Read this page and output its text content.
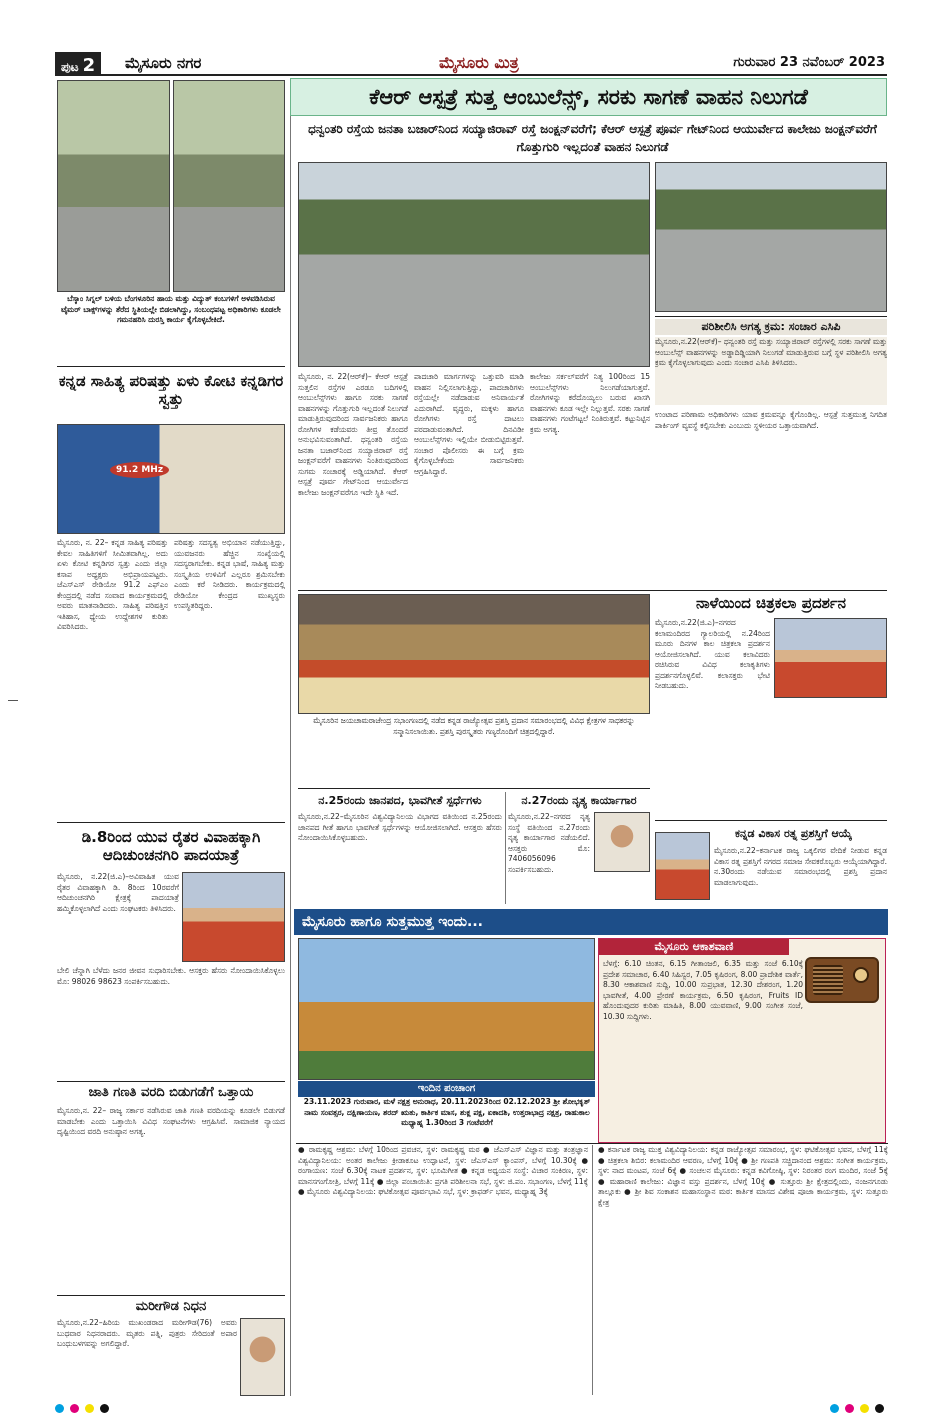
ಪುಟ 2	ಮೈಸೂರು ನಗರ	ಮೈಸೂರು ಮಿತ್ರ	ಗುರುವಾರ 23 ನವೆಂಬರ್ 2023
ಬೆಸ್ಕಾಂ ಸಿಗ್ನಲ್ ಬಳಿಯ ಬೆಂಗಳೂರಿನ ಹಾಯ ಮತ್ತು ವಿದ್ಯುತ್ ಕಂಬಗಳಿಗೆ ಅಳವಡಿಸಿರುವ ಟೈಮರ್ ಬಾಕ್ಸ್‌ಗಳನ್ನು ತೆರೆದ ಸ್ಥಿತಿಯಲ್ಲೇ ಬಿಡಲಾಗಿದ್ದು, ಸಂಬಂಧಪಟ್ಟ ಅಧಿಕಾರಿಗಳು ಕೂಡಲೇ ಗಮನಹರಿಸಿ ದುರಸ್ತಿ ಕಾರ್ಯ ಕೈಗೊಳ್ಳಬೇಕಿದೆ.
ಕನ್ನಡ ಸಾಹಿತ್ಯ ಪರಿಷತ್ತು ಏಳು ಕೋಟಿ ಕನ್ನಡಿಗರ ಸ್ವತ್ತು
91.2 MHz
ಮೈಸೂರು, ನ. 22– ಕನ್ನಡ ಸಾಹಿತ್ಯ ಪರಿಷತ್ತು ಕೇವಲ ಸಾಹಿತಿಗಳಿಗೆ ಸೀಮಿತವಾಗಿಲ್ಲ. ಅದು ಏಳು ಕೋಟಿ ಕನ್ನಡಿಗರ ಸ್ವತ್ತು ಎಂದು ಜಿಲ್ಲಾ ಕಸಾಪ ಅಧ್ಯಕ್ಷರು ಅಭಿಪ್ರಾಯಪಟ್ಟರು. ಜೆಎಸ್‌ಎಸ್ ರೇಡಿಯೋ 91.2 ಎಫ್‌ಎಂ ಕೇಂದ್ರದಲ್ಲಿ ನಡೆದ ಸಂವಾದ ಕಾರ್ಯಕ್ರಮದಲ್ಲಿ ಅವರು ಮಾತನಾಡಿದರು. ಸಾಹಿತ್ಯ ಪರಿಷತ್ತಿನ ಇತಿಹಾಸ, ಧ್ಯೇಯ ಉದ್ದೇಶಗಳ ಕುರಿತು ವಿವರಿಸಿದರು.
ಪರಿಷತ್ತು ಸದಸ್ಯತ್ವ ಅಭಿಯಾನ ನಡೆಯುತ್ತಿದ್ದು, ಯುವಜನರು ಹೆಚ್ಚಿನ ಸಂಖ್ಯೆಯಲ್ಲಿ ಸದಸ್ಯರಾಗಬೇಕು. ಕನ್ನಡ ಭಾಷೆ, ಸಾಹಿತ್ಯ ಮತ್ತು ಸಂಸ್ಕೃತಿಯ ಉಳಿವಿಗೆ ಎಲ್ಲರೂ ಶ್ರಮಿಸಬೇಕು ಎಂದು ಕರೆ ನೀಡಿದರು. ಕಾರ್ಯಕ್ರಮದಲ್ಲಿ ರೇಡಿಯೋ ಕೇಂದ್ರದ ಮುಖ್ಯಸ್ಥರು ಉಪಸ್ಥಿತರಿದ್ದರು.
ಡಿ.8ರಿಂದ ಯುವ ರೈತರ ವಿವಾಹಕ್ಕಾಗಿ ಆದಿಚುಂಚನಗಿರಿ ಪಾದಯಾತ್ರೆ
ಮೈಸೂರು, ನ.22(ಜಿ.ಎ)–ಅವಿವಾಹಿತ ಯುವ ರೈತರ ವಿವಾಹಕ್ಕಾಗಿ ಡಿ. 8ರಿಂದ 10ರವರೆಗೆ ಆದಿಚುಂಚನಗಿರಿ ಕ್ಷೇತ್ರಕ್ಕೆ ಪಾದಯಾತ್ರೆ ಹಮ್ಮಿಕೊಳ್ಳಲಾಗಿದೆ ಎಂದು ಸಂಘಟಕರು ತಿಳಿಸಿದರು.
ಬೇಲಿ ಚೆನ್ನಾಗಿ ಬೆಳೆದು ಜನರ ಜೀವನ ಸುಧಾರಿಸಬೇಕು. ಆಸಕ್ತರು ಹೆಸರು ನೋಂದಾಯಿಸಿಕೊಳ್ಳಲು ಮೊ: 98026 98623 ಸಂಪರ್ಕಿಸಬಹುದು.
ಜಾತಿ ಗಣತಿ ವರದಿ ಬಿಡುಗಡೆಗೆ ಒತ್ತಾಯ
ಮೈಸೂರು,ನ. 22– ರಾಜ್ಯ ಸರ್ಕಾರ ನಡೆಸಿರುವ ಜಾತಿ ಗಣತಿ ವರದಿಯನ್ನು ಕೂಡಲೇ ಬಿಡುಗಡೆ ಮಾಡಬೇಕು ಎಂದು ಒತ್ತಾಯಿಸಿ ವಿವಿಧ ಸಂಘಟನೆಗಳು ಆಗ್ರಹಿಸಿವೆ. ಸಾಮಾಜಿಕ ನ್ಯಾಯದ ದೃಷ್ಟಿಯಿಂದ ವರದಿ ಅನುಷ್ಠಾನ ಅಗತ್ಯ.
ಮರೀಗೌಡ ನಿಧನ
ಮೈಸೂರು,ನ.22–ಹಿರಿಯ ಮುಖಂಡರಾದ ಮರೀಗೌಡ(76) ಅವರು ಬುಧವಾರ ನಿಧನರಾದರು. ಮೃತರು ಪತ್ನಿ, ಪುತ್ರರು ಸೇರಿದಂತೆ ಅಪಾರ ಬಂಧುಬಳಗವನ್ನು ಅಗಲಿದ್ದಾರೆ.
ಕೆಆರ್ ಆಸ್ಪತ್ರೆ ಸುತ್ತ ಆಂಬುಲೆನ್ಸ್, ಸರಕು ಸಾಗಣೆ ವಾಹನ ನಿಲುಗಡೆ
ಧನ್ವಂತರಿ ರಸ್ತೆಯ ಜನತಾ ಬಜಾರ್‌ನಿಂದ ಸಯ್ಯಾಜಿರಾವ್ ರಸ್ತೆ ಜಂಕ್ಷನ್‌ವರೆಗೆ; ಕೆಆರ್ ಆಸ್ಪತ್ರೆ ಪೂರ್ವ ಗೇಟ್‌ನಿಂದ ಆಯುರ್ವೇದ ಕಾಲೇಜು ಜಂಕ್ಷನ್‌ವರೆಗೆ ಗೊತ್ತುಗುರಿ ಇಲ್ಲದಂತೆ ವಾಹನ ನಿಲುಗಡೆ
ಪರಿಶೀಲಿಸಿ ಅಗತ್ಯ ಕ್ರಮ: ಸಂಚಾರ ಎಸಿಪಿ
ಮೈಸೂರು,ನ.22(ಆರ್‌ಕೆ)– ಧನ್ವಂತರಿ ರಸ್ತೆ ಮತ್ತು ಸಯ್ಯಾಜಿರಾವ್ ರಸ್ತೆಗಳಲ್ಲಿ ಸರಕು ಸಾಗಣೆ ಮತ್ತು ಆಂಬುಲೆನ್ಸ್ ವಾಹನಗಳನ್ನು ಅಡ್ಡಾದಿಡ್ಡಿಯಾಗಿ ನಿಲುಗಡೆ ಮಾಡುತ್ತಿರುವ ಬಗ್ಗೆ ಸ್ಥಳ ಪರಿಶೀಲಿಸಿ ಅಗತ್ಯ ಕ್ರಮ ಕೈಗೊಳ್ಳಲಾಗುವುದು ಎಂದು ಸಂಚಾರ ಎಸಿಪಿ ತಿಳಿಸಿದರು.
ಮೈಸೂರು, ನ. 22(ಆರ್‌ಕೆ)– ಕೆಆರ್ ಆಸ್ಪತ್ರೆ ಸುತ್ತಲಿನ ರಸ್ತೆಗಳ ಎರಡೂ ಬದಿಗಳಲ್ಲಿ ಆಂಬುಲೆನ್ಸ್‌ಗಳು ಹಾಗೂ ಸರಕು ಸಾಗಣೆ ವಾಹನಗಳನ್ನು ಗೊತ್ತುಗುರಿ ಇಲ್ಲದಂತೆ ನಿಲುಗಡೆ ಮಾಡುತ್ತಿರುವುದರಿಂದ ಸಾರ್ವಜನಿಕರು ಹಾಗೂ ರೋಗಿಗಳ ಕಡೆಯವರು ತೀವ್ರ ತೊಂದರೆ ಅನುಭವಿಸುವಂತಾಗಿದೆ. ಧನ್ವಂತರಿ ರಸ್ತೆಯ ಜನತಾ ಬಜಾರ್‌ನಿಂದ ಸಯ್ಯಾಜಿರಾವ್ ರಸ್ತೆ ಜಂಕ್ಷನ್‌ವರೆಗೆ ವಾಹನಗಳು ನಿಂತಿರುವುದರಿಂದ ಸುಗಮ ಸಂಚಾರಕ್ಕೆ ಅಡ್ಡಿಯಾಗಿದೆ. ಕೆಆರ್ ಆಸ್ಪತ್ರೆ ಪೂರ್ವ ಗೇಟ್‌ನಿಂದ ಆಯುರ್ವೇದ ಕಾಲೇಜು ಜಂಕ್ಷನ್‌ವರೆಗೂ ಇದೇ ಸ್ಥಿತಿ ಇದೆ.
ಪಾದಚಾರಿ ಮಾರ್ಗಗಳನ್ನು ಒತ್ತುವರಿ ಮಾಡಿ ವಾಹನ ನಿಲ್ಲಿಸಲಾಗುತ್ತಿದ್ದು, ಪಾದಚಾರಿಗಳು ರಸ್ತೆಯಲ್ಲೇ ನಡೆದಾಡುವ ಅನಿವಾರ್ಯತೆ ಎದುರಾಗಿದೆ. ವೃದ್ಧರು, ಮಕ್ಕಳು ಹಾಗೂ ರೋಗಿಗಳು ರಸ್ತೆ ದಾಟಲು ಪರದಾಡುವಂತಾಗಿದೆ. ದಿನವಿಡೀ ಆಂಬುಲೆನ್ಸ್‌ಗಳು ಇಲ್ಲಿಯೇ ಬೀಡುಬಿಟ್ಟಿರುತ್ತವೆ. ಸಂಚಾರ ಪೊಲೀಸರು ಈ ಬಗ್ಗೆ ಕ್ರಮ ಕೈಗೊಳ್ಳಬೇಕೆಂದು ಸಾರ್ವಜನಿಕರು ಆಗ್ರಹಿಸಿದ್ದಾರೆ.
ಕಾಲೇಜು ಸರ್ಕಲ್‌ವರೆಗೆ ನಿತ್ಯ 100ರಿಂದ 15 ಆಂಬುಲೆನ್ಸ್‌ಗಳು ನಿಲುಗಡೆಯಾಗುತ್ತವೆ. ರೋಗಿಗಳನ್ನು ಕರೆದೊಯ್ಯಲು ಬರುವ ಖಾಸಗಿ ವಾಹನಗಳು ಕೂಡ ಇಲ್ಲೇ ನಿಲ್ಲುತ್ತವೆ. ಸರಕು ಸಾಗಣೆ ವಾಹನಗಳು ಗಂಟೆಗಟ್ಟಲೆ ನಿಂತಿರುತ್ತವೆ. ಕಟ್ಟುನಿಟ್ಟಿನ ಕ್ರಮ ಅಗತ್ಯ.
ಉಂಟಾದ ಪರಿಣಾಮ ಅಧಿಕಾರಿಗಳು ಯಾವ ಕ್ರಮವನ್ನೂ ಕೈಗೊಂಡಿಲ್ಲ. ಆಸ್ಪತ್ರೆ ಸುತ್ತಮುತ್ತ ನಿಗದಿತ ಪಾರ್ಕಿಂಗ್ ವ್ಯವಸ್ಥೆ ಕಲ್ಪಿಸಬೇಕು ಎಂಬುದು ಸ್ಥಳೀಯರ ಒತ್ತಾಯವಾಗಿದೆ.
ಮೈಸೂರಿನ ಜಯಚಾಮರಾಜೇಂದ್ರ ಸಭಾಂಗಣದಲ್ಲಿ ನಡೆದ ಕನ್ನಡ ರಾಜ್ಯೋತ್ಸವ ಪ್ರಶಸ್ತಿ ಪ್ರದಾನ ಸಮಾರಂಭದಲ್ಲಿ ವಿವಿಧ ಕ್ಷೇತ್ರಗಳ ಸಾಧಕರನ್ನು ಸನ್ಮಾನಿಸಲಾಯಿತು. ಪ್ರಶಸ್ತಿ ಪುರಸ್ಕೃತರು ಗಣ್ಯರೊಂದಿಗೆ ಚಿತ್ರದಲ್ಲಿದ್ದಾರೆ.
ನಾಳೆಯಿಂದ ಚಿತ್ರಕಲಾ ಪ್ರದರ್ಶನ
ಮೈಸೂರು,ನ.22(ಜಿ.ಎ)–ನಗರದ ಕಲಾಮಂದಿರದ ಗ್ಯಾಲರಿಯಲ್ಲಿ ನ.24ರಿಂದ ಮೂರು ದಿನಗಳ ಕಾಲ ಚಿತ್ರಕಲಾ ಪ್ರದರ್ಶನ ಆಯೋಜಿಸಲಾಗಿದೆ. ಯುವ ಕಲಾವಿದರು ರಚಿಸಿರುವ ವಿವಿಧ ಕಲಾಕೃತಿಗಳು ಪ್ರದರ್ಶನಗೊಳ್ಳಲಿವೆ. ಕಲಾಸಕ್ತರು ಭೇಟಿ ನೀಡಬಹುದು.
ನ.25ರಂದು ಜಾನಪದ, ಭಾವಗೀತೆ ಸ್ಪರ್ಧೆಗಳು
ಮೈಸೂರು,ನ.22–ಮೈಸೂರಿನ ವಿಶ್ವವಿದ್ಯಾನಿಲಯ ವಿಭಾಗದ ವತಿಯಿಂದ ನ.25ರಂದು ಜಾನಪದ ಗೀತೆ ಹಾಗೂ ಭಾವಗೀತೆ ಸ್ಪರ್ಧೆಗಳನ್ನು ಆಯೋಜಿಸಲಾಗಿದೆ. ಆಸಕ್ತರು ಹೆಸರು ನೋಂದಾಯಿಸಿಕೊಳ್ಳಬಹುದು.
ನ.27ರಂದು ನೃತ್ಯ ಕಾರ್ಯಾಗಾರ
ಮೈಸೂರು,ನ.22–ನಗರದ ನೃತ್ಯ ಸಂಸ್ಥೆ ವತಿಯಿಂದ ನ.27ರಂದು ನೃತ್ಯ ಕಾರ್ಯಾಗಾರ ನಡೆಯಲಿದೆ. ಆಸಕ್ತರು ಮೊ: 7406056096 ಸಂಪರ್ಕಿಸಬಹುದು.
ಕನ್ನಡ ವಿಕಾಸ ರತ್ನ ಪ್ರಶಸ್ತಿಗೆ ಆಯ್ಕೆ
ಮೈಸೂರು,ನ.22–ಕರ್ನಾಟಕ ರಾಜ್ಯ ಒಕ್ಕಲಿಗರ ವೇದಿಕೆ ನೀಡುವ ಕನ್ನಡ ವಿಕಾಸ ರತ್ನ ಪ್ರಶಸ್ತಿಗೆ ನಗರದ ಸಮಾಜ ಸೇವಕರೊಬ್ಬರು ಆಯ್ಕೆಯಾಗಿದ್ದಾರೆ. ನ.30ರಂದು ನಡೆಯುವ ಸಮಾರಂಭದಲ್ಲಿ ಪ್ರಶಸ್ತಿ ಪ್ರದಾನ ಮಾಡಲಾಗುವುದು.
ಮೈಸೂರು ಹಾಗೂ ಸುತ್ತಮುತ್ತ ಇಂದು...
ಇಂದಿನ ಪಂಚಾಂಗ
23.11.2023 ಗುರುವಾರ, ಮಳೆ ನಕ್ಷತ್ರ ಅನುರಾಧ, 20.11.2023ರಿಂದ 02.12.2023 ಶ್ರೀ ಶೋಭಕೃತ್ ನಾಮ ಸಂವತ್ಸರ, ದಕ್ಷಿಣಾಯಣ, ಶರದ್ ಋತು, ಕಾರ್ತಿಕ ಮಾಸ, ಶುಕ್ಲ ಪಕ್ಷ, ಏಕಾದಶಿ, ಉತ್ತರಾಭಾದ್ರ ನಕ್ಷತ್ರ, ರಾಹುಕಾಲ ಮಧ್ಯಾಹ್ನ 1.30ರಿಂದ 3 ಗಂಟೆವರೆಗೆ
ಮೈಸೂರು ಆಕಾಶವಾಣಿ
ಬೆಳಗ್ಗೆ: 6.10 ಚಿಂತನ, 6.15 ಗೀತಾಂಜಲಿ, 6.35 ಮತ್ತು ಸಂಜೆ 6.10ಕ್ಕೆ ಪ್ರದೇಶ ಸಮಾಚಾರ, 6.40 ಸಿಹಿಸ್ವರ, 7.05 ಕೃಷಿರಂಗ, 8.00 ಪ್ರಾದೇಶಿಕ ವಾರ್ತೆ, 8.30 ಆಕಾಶವಾಣಿ ಸುದ್ದಿ, 10.00 ಸುಪ್ರಭಾತ, 12.30 ದೇಶರಂಗ, 1.20 ಭಾವಗೀತೆ, 4.00 ಪ್ರೇರಣೆ ಕಾರ್ಯಕ್ರಮ, 6.50 ಕೃಷಿರಂಗ, Fruits ID ಹೊಂದುವುದರ ಕುರಿತು ಮಾಹಿತಿ, 8.00 ಯುವವಾಣಿ, 9.00 ಸಂಗೀತ ಸಂಜೆ, 10.30 ಸುದ್ದಿಗಳು.
● ರಾಮಕೃಷ್ಣ ಆಶ್ರಮ: ಬೆಳಗ್ಗೆ 10ರಿಂದ ಪ್ರವಚನ, ಸ್ಥಳ: ರಾಮಕೃಷ್ಣ ಮಠ ● ಜೆಎಸ್‌ಎಸ್ ವಿಜ್ಞಾನ ಮತ್ತು ತಂತ್ರಜ್ಞಾನ ವಿಶ್ವವಿದ್ಯಾನಿಲಯ: ಅಂತರ ಕಾಲೇಜು ಕ್ರೀಡಾಕೂಟ ಉದ್ಘಾಟನೆ, ಸ್ಥಳ: ಜೆಎಸ್‌ಎಸ್ ಕ್ಯಾಂಪಸ್, ಬೆಳಗ್ಗೆ 10.30ಕ್ಕೆ ● ರಂಗಾಯಣ: ಸಂಜೆ 6.30ಕ್ಕೆ ನಾಟಕ ಪ್ರದರ್ಶನ, ಸ್ಥಳ: ಭೂಮಿಗೀತ ● ಕನ್ನಡ ಅಧ್ಯಯನ ಸಂಸ್ಥೆ: ವಿಚಾರ ಸಂಕಿರಣ, ಸ್ಥಳ: ಮಾನಸಗಂಗೋತ್ರಿ, ಬೆಳಗ್ಗೆ 11ಕ್ಕೆ ● ಜಿಲ್ಲಾ ಪಂಚಾಯಿತಿ: ಪ್ರಗತಿ ಪರಿಶೀಲನಾ ಸಭೆ, ಸ್ಥಳ: ಜಿ.ಪಂ. ಸಭಾಂಗಣ, ಬೆಳಗ್ಗೆ 11ಕ್ಕೆ ● ಮೈಸೂರು ವಿಶ್ವವಿದ್ಯಾನಿಲಯ: ಘಟಿಕೋತ್ಸವ ಪೂರ್ವಭಾವಿ ಸಭೆ, ಸ್ಥಳ: ಕ್ರಾಫರ್ಡ್ ಭವನ, ಮಧ್ಯಾಹ್ನ 3ಕ್ಕೆ
● ಕರ್ನಾಟಕ ರಾಜ್ಯ ಮುಕ್ತ ವಿಶ್ವವಿದ್ಯಾನಿಲಯ: ಕನ್ನಡ ರಾಜ್ಯೋತ್ಸವ ಸಮಾರಂಭ, ಸ್ಥಳ: ಘಟಿಕೋತ್ಸವ ಭವನ, ಬೆಳಗ್ಗೆ 11ಕ್ಕೆ ● ಚಿತ್ರಕಲಾ ಶಿಬಿರ: ಕಲಾಮಂದಿರ ಆವರಣ, ಬೆಳಗ್ಗೆ 10ಕ್ಕೆ ● ಶ್ರೀ ಗಣಪತಿ ಸಚ್ಚಿದಾನಂದ ಆಶ್ರಮ: ಸಂಗೀತ ಕಾರ್ಯಕ್ರಮ, ಸ್ಥಳ: ನಾದ ಮಂಟಪ, ಸಂಜೆ 6ಕ್ಕೆ ● ಸಂಚಲನ ಮೈಸೂರು: ಕನ್ನಡ ಕವಿಗೋಷ್ಠಿ, ಸ್ಥಳ: ನಿರಂತರ ರಂಗ ಮಂದಿರ, ಸಂಜೆ 5ಕ್ಕೆ ● ಮಹಾರಾಣಿ ಕಾಲೇಜು: ವಿಜ್ಞಾನ ವಸ್ತು ಪ್ರದರ್ಶನ, ಬೆಳಗ್ಗೆ 10ಕ್ಕೆ ● ಸುತ್ತೂರು ಶ್ರೀ ಕ್ಷೇತ್ರದಲ್ಲಿಂದು, ನಂಜನಗೂಡು ತಾಲ್ಲೂಕು ● ಶ್ರೀ ಶಿವ ಸಂಕಾಶನ ಮಹಾಸಂಸ್ಥಾನ ಮಠ: ಕಾರ್ತಿಕ ಮಾಸದ ವಿಶೇಷ ಪೂಜಾ ಕಾರ್ಯಕ್ರಮ, ಸ್ಥಳ: ಸುತ್ತೂರು ಕ್ಷೇತ್ರ
